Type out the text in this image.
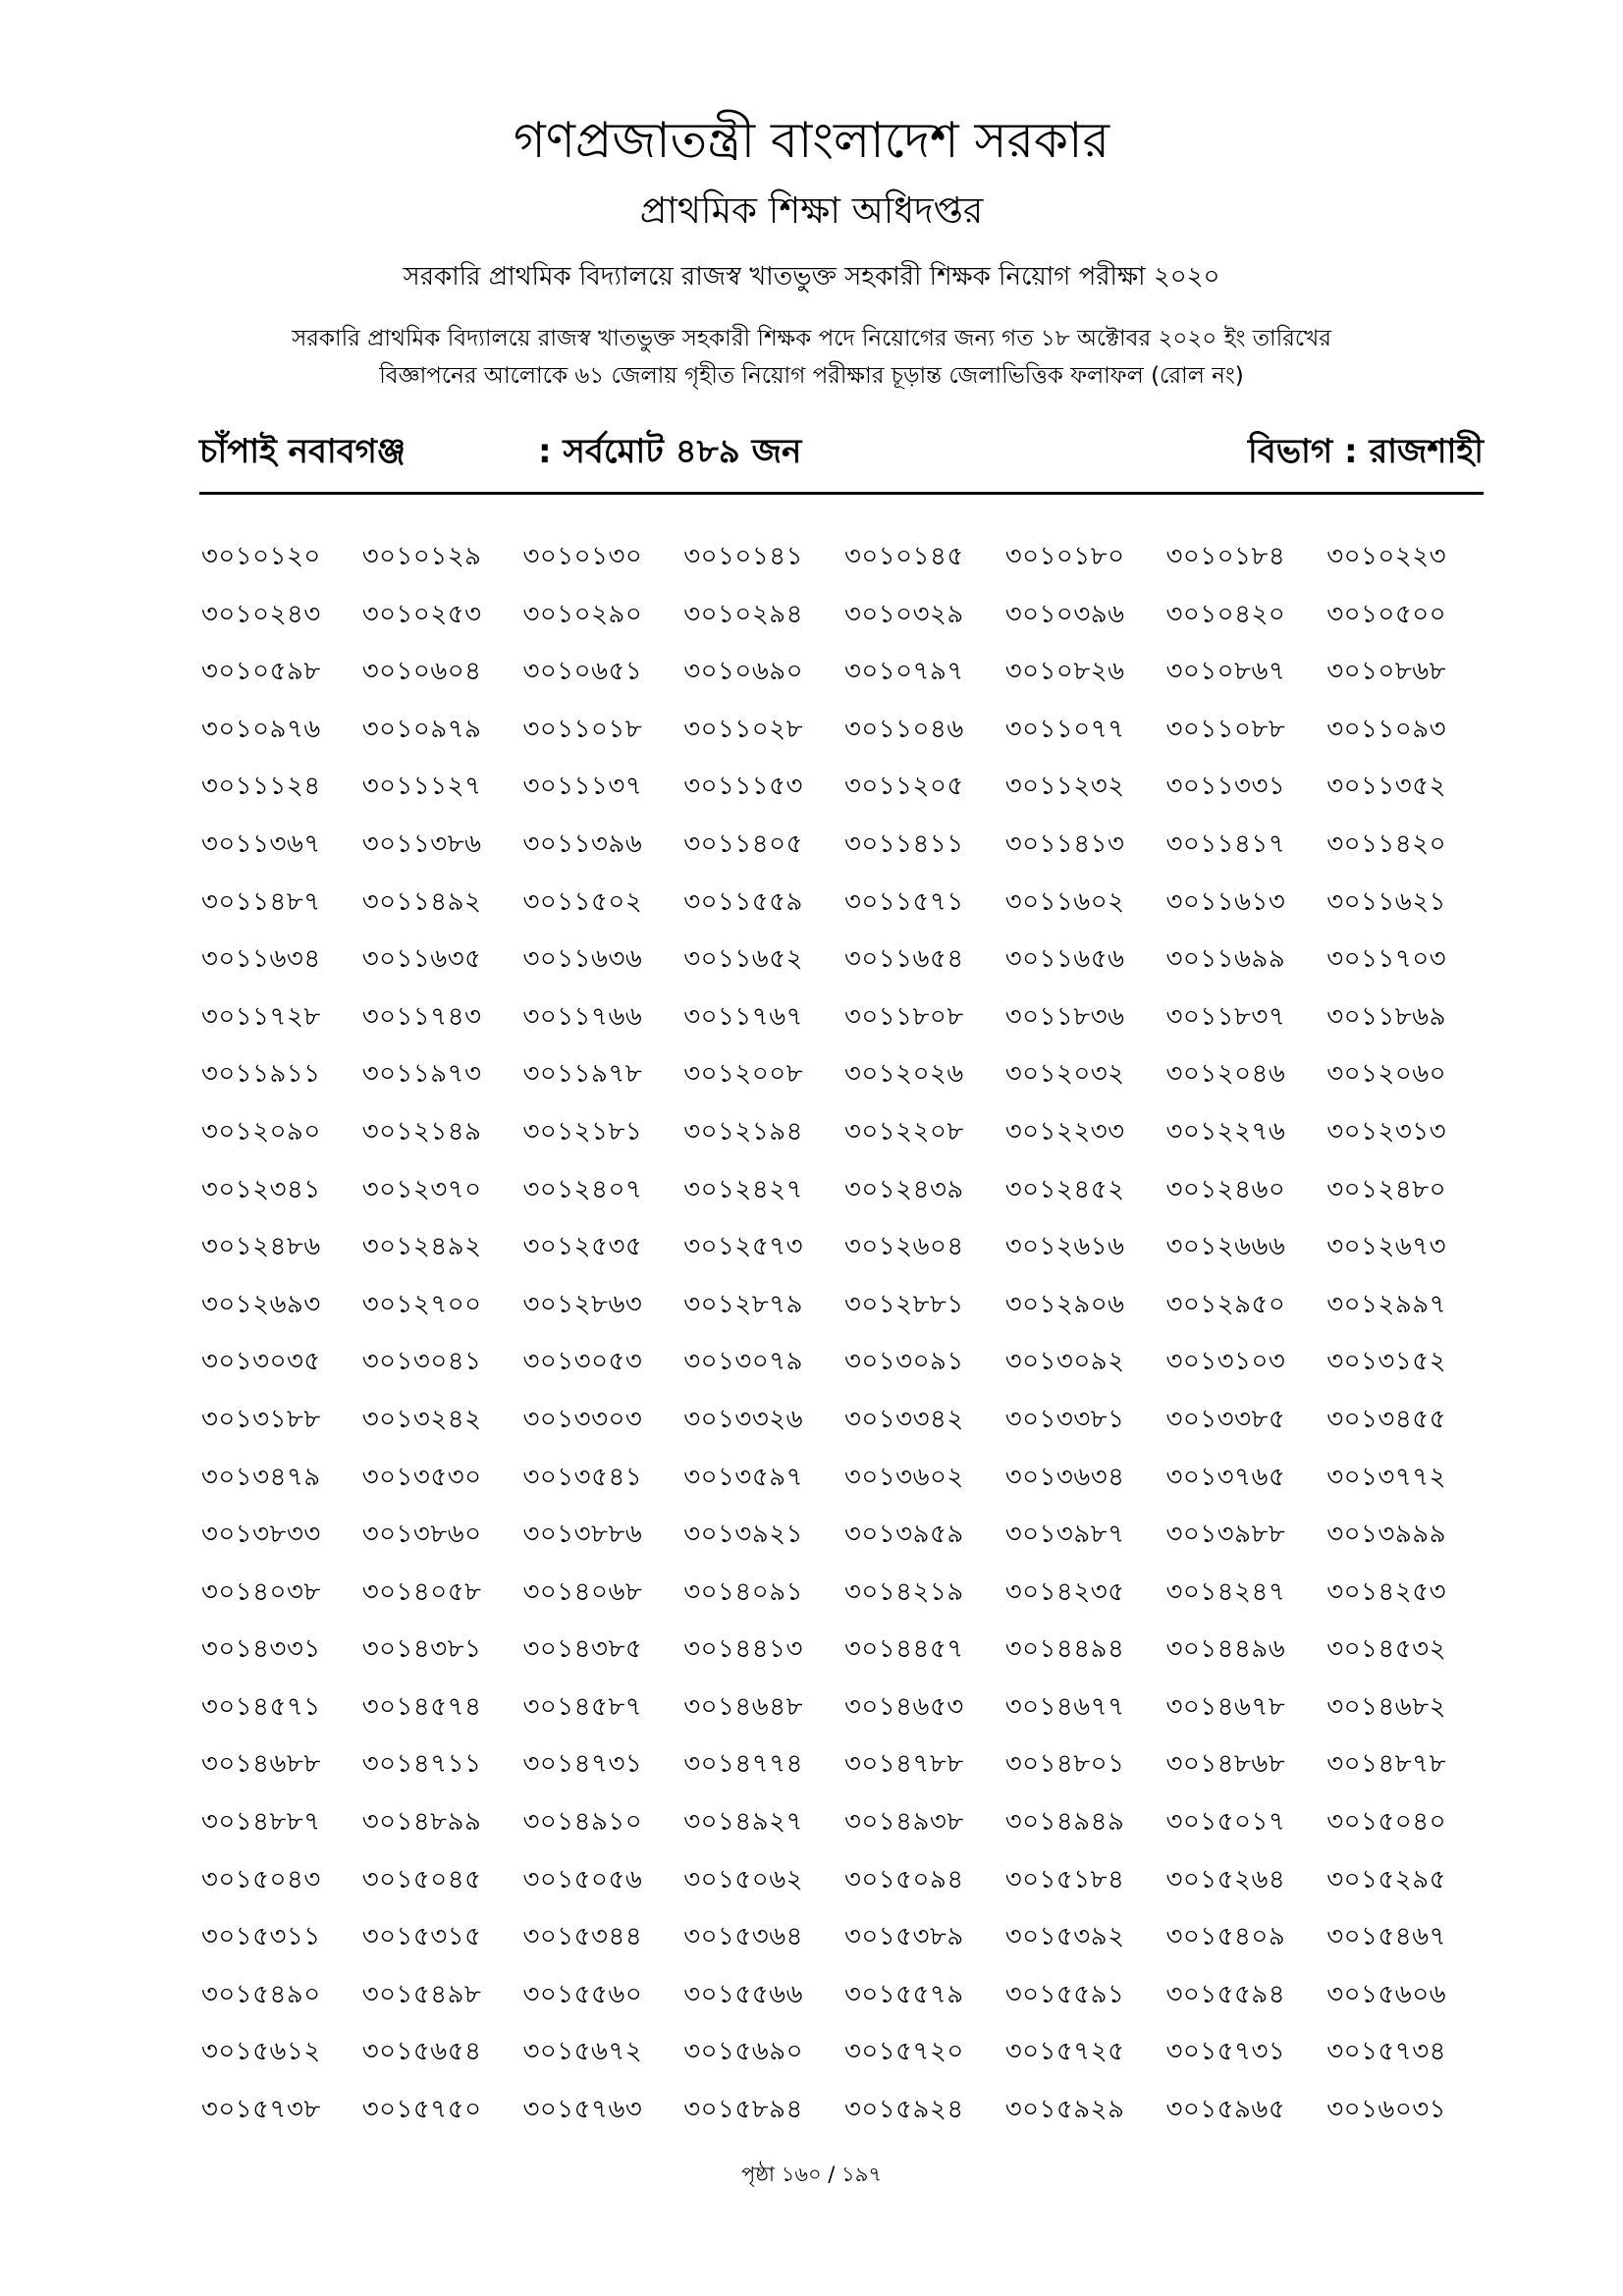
গণপ্রজাতন্ত্রী বাংলাদেশ সরকার
প্রাথমিক শিক্ষা অধিদপ্তর
সরকারি প্রাথমিক বিদ্যালয়ে রাজস্ব খাতভুক্ত সহকারী শিক্ষক নিয়োগ পরীক্ষা ২০২০
সরকারি প্রাথমিক বিদ্যালয়ে রাজস্ব খাতভুক্ত সহকারী শিক্ষক পদে নিয়োগের জন্য গত ১৮ অক্টোবর ২০২০ ইং তারিখের
বিজ্ঞাপনের আলোকে ৬১ জেলায় গৃহীত নিয়োগ পরীক্ষার চূড়ান্ত জেলাভিত্তিক ফলাফল (রোল নং)
চাঁপাই নবাবগঞ্জ	: সর্বমোট ৪৮৯ জন	বিভাগ : রাজশাহী
৩০১০১২০	৩০১০১২৯	৩০১০১৩০	৩০১০১৪১	৩০১০১৪৫	৩০১০১৮০	৩০১০১৮৪	৩০১০২২৩
৩০১০২৪৩	৩০১০২৫৩	৩০১০২৯০	৩০১০২৯৪	৩০১০৩২৯	৩০১০৩৯৬	৩০১০৪২০	৩০১০৫০০
৩০১০৫৯৮	৩০১০৬০৪	৩০১০৬৫১	৩০১০৬৯০	৩০১০৭৯৭	৩০১০৮২৬	৩০১০৮৬৭	৩০১০৮৬৮
৩০১০৯৭৬	৩০১০৯৭৯	৩০১১০১৮	৩০১১০২৮	৩০১১০৪৬	৩০১১০৭৭	৩০১১০৮৮	৩০১১০৯৩
৩০১১১২৪	৩০১১১২৭	৩০১১১৩৭	৩০১১১৫৩	৩০১১২০৫	৩০১১২৩২	৩০১১৩৩১	৩০১১৩৫২
৩০১১৩৬৭	৩০১১৩৮৬	৩০১১৩৯৬	৩০১১৪০৫	৩০১১৪১১	৩০১১৪১৩	৩০১১৪১৭	৩০১১৪২০
৩০১১৪৮৭	৩০১১৪৯২	৩০১১৫০২	৩০১১৫৫৯	৩০১১৫৭১	৩০১১৬০২	৩০১১৬১৩	৩০১১৬২১
৩০১১৬৩৪	৩০১১৬৩৫	৩০১১৬৩৬	৩০১১৬৫২	৩০১১৬৫৪	৩০১১৬৫৬	৩০১১৬৯৯	৩০১১৭০৩
৩০১১৭২৮	৩০১১৭৪৩	৩০১১৭৬৬	৩০১১৭৬৭	৩০১১৮০৮	৩০১১৮৩৬	৩০১১৮৩৭	৩০১১৮৬৯
৩০১১৯১১	৩০১১৯৭৩	৩০১১৯৭৮	৩০১২০০৮	৩০১২০২৬	৩০১২০৩২	৩০১২০৪৬	৩০১২০৬০
৩০১২০৯০	৩০১২১৪৯	৩০১২১৮১	৩০১২১৯৪	৩০১২২০৮	৩০১২২৩৩	৩০১২২৭৬	৩০১২৩১৩
৩০১২৩৪১	৩০১২৩৭০	৩০১২৪০৭	৩০১২৪২৭	৩০১২৪৩৯	৩০১২৪৫২	৩০১২৪৬০	৩০১২৪৮০
৩০১২৪৮৬	৩০১২৪৯২	৩০১২৫৩৫	৩০১২৫৭৩	৩০১২৬০৪	৩০১২৬১৬	৩০১২৬৬৬	৩০১২৬৭৩
৩০১২৬৯৩	৩০১২৭০০	৩০১২৮৬৩	৩০১২৮৭৯	৩০১২৮৮১	৩০১২৯০৬	৩০১২৯৫০	৩০১২৯৯৭
৩০১৩০৩৫	৩০১৩০৪১	৩০১৩০৫৩	৩০১৩০৭৯	৩০১৩০৯১	৩০১৩০৯২	৩০১৩১০৩	৩০১৩১৫২
৩০১৩১৮৮	৩০১৩২৪২	৩০১৩৩০৩	৩০১৩৩২৬	৩০১৩৩৪২	৩০১৩৩৮১	৩০১৩৩৮৫	৩০১৩৪৫৫
৩০১৩৪৭৯	৩০১৩৫৩০	৩০১৩৫৪১	৩০১৩৫৯৭	৩০১৩৬০২	৩০১৩৬৩৪	৩০১৩৭৬৫	৩০১৩৭৭২
৩০১৩৮৩৩	৩০১৩৮৬০	৩০১৩৮৮৬	৩০১৩৯২১	৩০১৩৯৫৯	৩০১৩৯৮৭	৩০১৩৯৮৮	৩০১৩৯৯৯
৩০১৪০৩৮	৩০১৪০৫৮	৩০১৪০৬৮	৩০১৪০৯১	৩০১৪২১৯	৩০১৪২৩৫	৩০১৪২৪৭	৩০১৪২৫৩
৩০১৪৩৩১	৩০১৪৩৮১	৩০১৪৩৮৫	৩০১৪৪১৩	৩০১৪৪৫৭	৩০১৪৪৯৪	৩০১৪৪৯৬	৩০১৪৫৩২
৩০১৪৫৭১	৩০১৪৫৭৪	৩০১৪৫৮৭	৩০১৪৬৪৮	৩০১৪৬৫৩	৩০১৪৬৭৭	৩০১৪৬৭৮	৩০১৪৬৮২
৩০১৪৬৮৮	৩০১৪৭১১	৩০১৪৭৩১	৩০১৪৭৭৪	৩০১৪৭৮৮	৩০১৪৮০১	৩০১৪৮৬৮	৩০১৪৮৭৮
৩০১৪৮৮৭	৩০১৪৮৯৯	৩০১৪৯১০	৩০১৪৯২৭	৩০১৪৯৩৮	৩০১৪৯৪৯	৩০১৫০১৭	৩০১৫০৪০
৩০১৫০৪৩	৩০১৫০৪৫	৩০১৫০৫৬	৩০১৫০৬২	৩০১৫০৯৪	৩০১৫১৮৪	৩০১৫২৬৪	৩০১৫২৯৫
৩০১৫৩১১	৩০১৫৩১৫	৩০১৫৩৪৪	৩০১৫৩৬৪	৩০১৫৩৮৯	৩০১৫৩৯২	৩০১৫৪০৯	৩০১৫৪৬৭
৩০১৫৪৯০	৩০১৫৪৯৮	৩০১৫৫৬০	৩০১৫৫৬৬	৩০১৫৫৭৯	৩০১৫৫৯১	৩০১৫৫৯৪	৩০১৫৬০৬
৩০১৫৬১২	৩০১৫৬৫৪	৩০১৫৬৭২	৩০১৫৬৯০	৩০১৫৭২০	৩০১৫৭২৫	৩০১৫৭৩১	৩০১৫৭৩৪
৩০১৫৭৩৮	৩০১৫৭৫০	৩০১৫৭৬৩	৩০১৫৮৯৪	৩০১৫৯২৪	৩০১৫৯২৯	৩০১৫৯৬৫	৩০১৬০৩১
পৃষ্ঠা ১৬০ / ১৯৭
